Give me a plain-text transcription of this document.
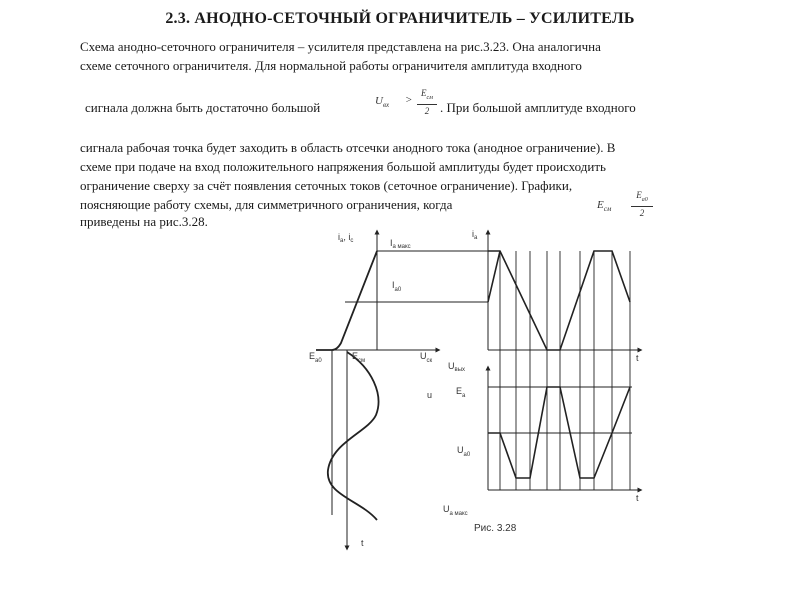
2.3. АНОДНО-СЕТОЧНЫЙ ОГРАНИЧИТЕЛЬ – УСИЛИТЕЛЬ
Схема анодно-сеточного ограничителя – усилителя представлена на рис.3.23. Она аналогична
схеме сеточного ограничителя. Для нормальной работы ограничителя амплитуда входного
сигнала должна быть достаточно большой	. При большой амплитуде входного
сигнала рабочая точка будет заходить в область отсечки анодного тока (анодное ограничение). В
схеме при подаче на вход положительного напряжения большой амплитуды будет происходить
ограничение сверху за счёт появления сеточных токов (сеточное ограничение). Графики,
поясняющие работу схемы, для симметричного ограничения, когда
приведены на рис.3.28.
$U_{вх}$ >
$E_{см}$
2
$E_{см}$
$E_{а0}$
2
$i_а$, $i_с$	$I_{а макс}$
$I_{а0}$
$E_{а0}$	$E_{см}$	$U_{ск}$
u
t
$i_а$
t
$U_{вых}$
$E_а$
$U_{а0}$
t
$U_{а макс}$
Рис. 3.28
